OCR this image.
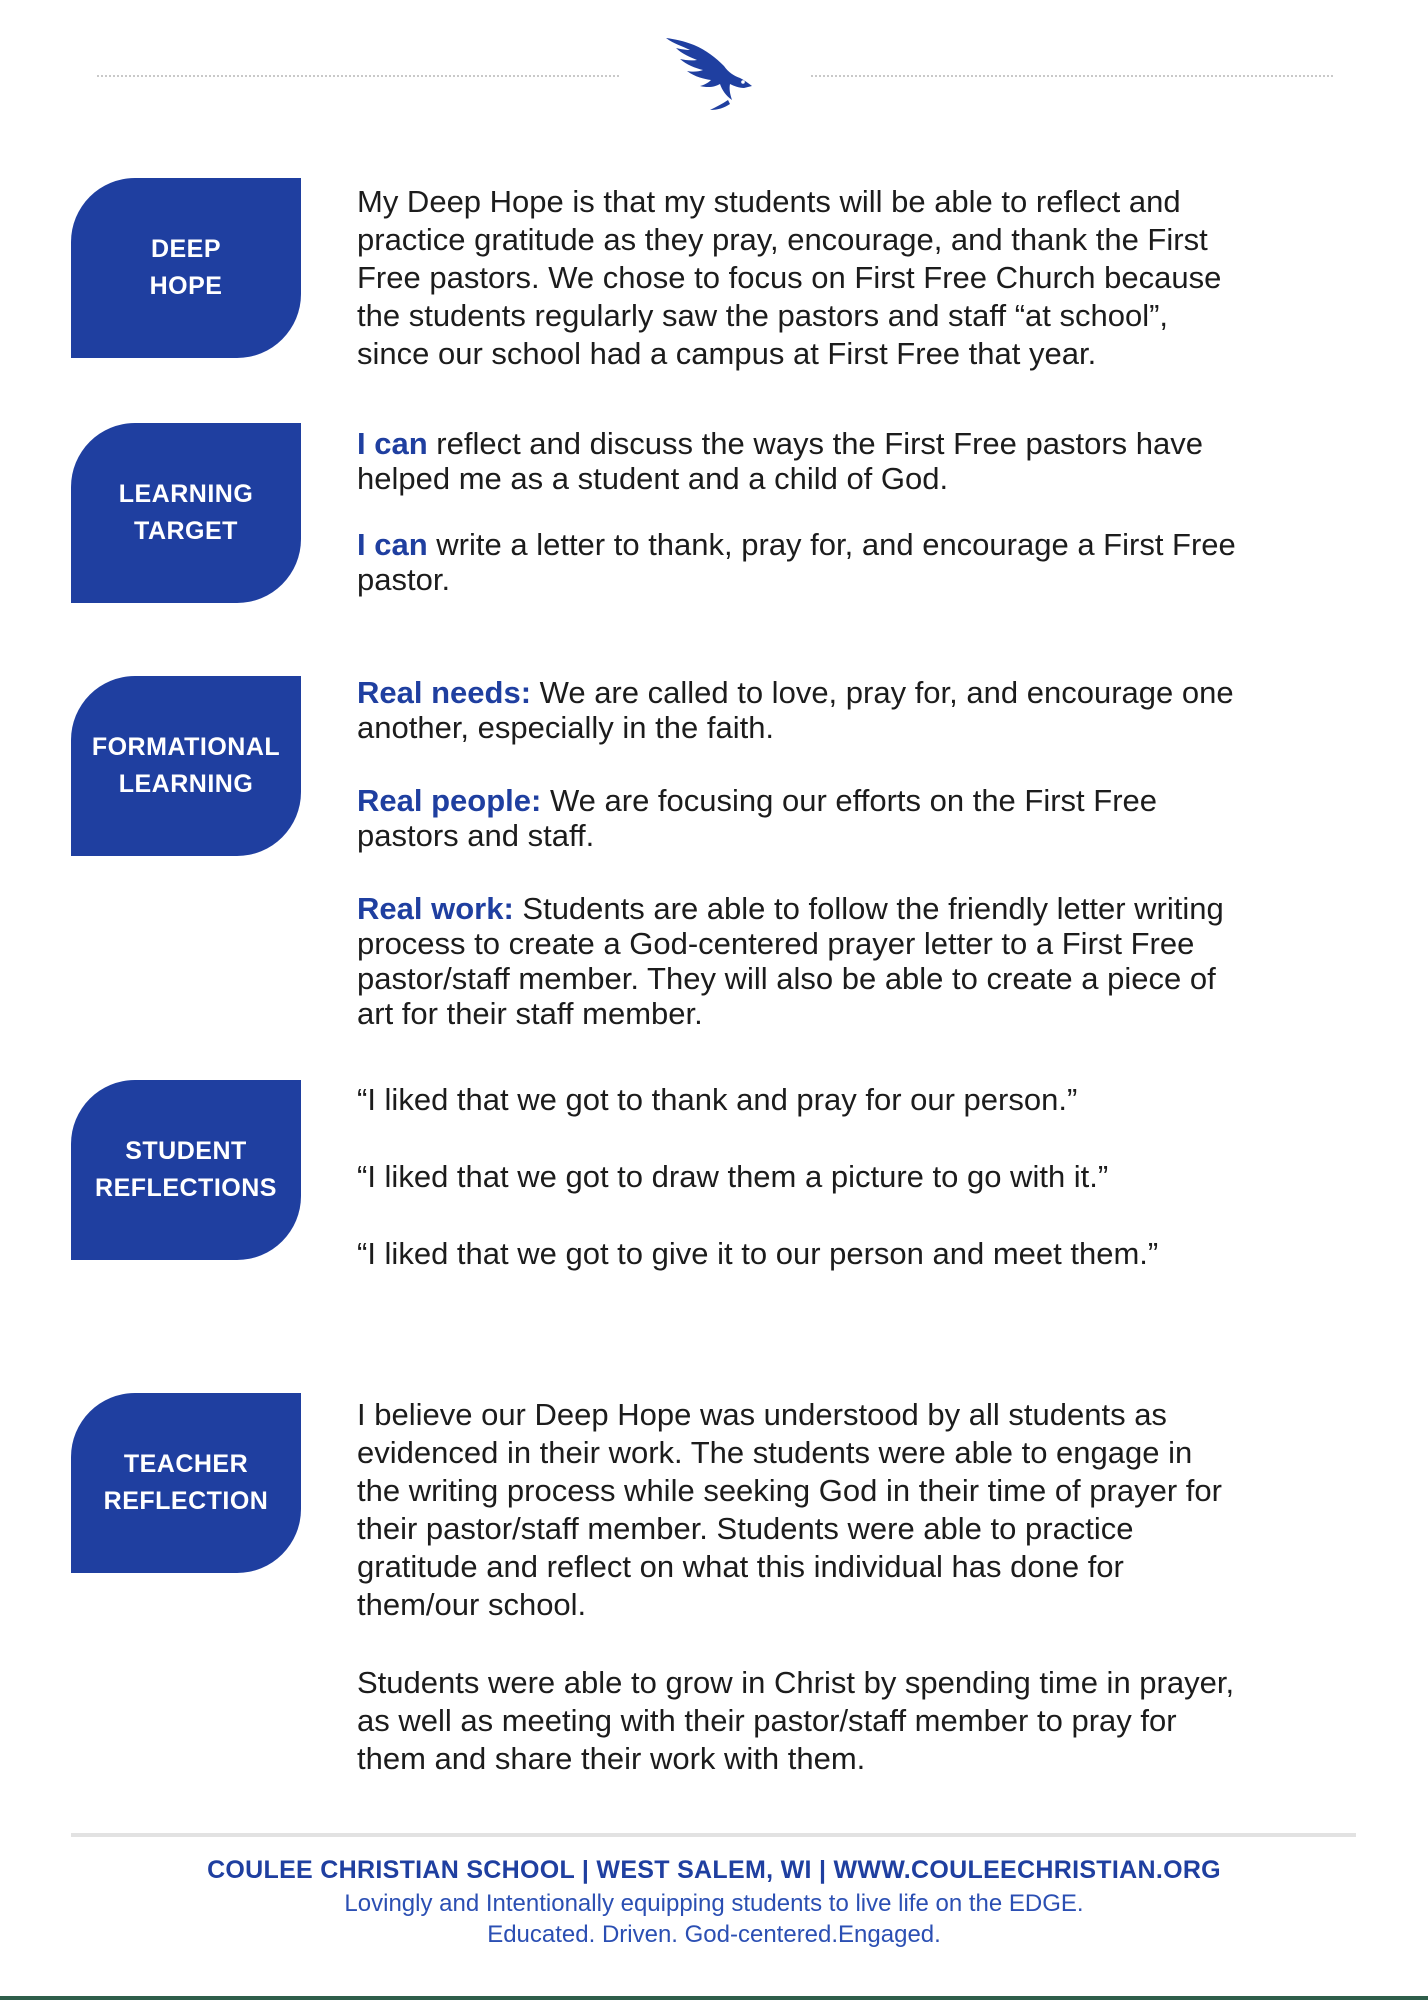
DEEP
HOPE

My Deep Hope is that my students will be able to reflect and

practice gratitude as they pray, encourage, and thank the First

Free pastors. We chose to focus on First Free Church because

the students regularly saw the pastors and staff “at school”,

since our school had a campus at First Free that year.

LEARNING
TARGET

I can reflect and discuss the ways the First Free pastors have

helped me as a student and a child of God.

I can write a letter to thank, pray for, and encourage a First Free

pastor.

FORMATIONAL
LEARNING

Real needs: We are called to love, pray for, and encourage one

another, especially in the faith.

Real people: We are focusing our efforts on the First Free

pastors and staff.

Real work: Students are able to follow the friendly letter writing

process to create a God-centered prayer letter to a First Free

pastor/staff member. They will also be able to create a piece of

art for their staff member.

STUDENT
REFLECTIONS

“I liked that we got to thank and pray for our person.”

“I liked that we got to draw them a picture to go with it.”

“I liked that we got to give it to our person and meet them.”

TEACHER
REFLECTION

I believe our Deep Hope was understood by all students as

evidenced in their work. The students were able to engage in

the writing process while seeking God in their time of prayer for

their pastor/staff member. Students were able to practice

gratitude and reflect on what this individual has done for

them/our school.

Students were able to grow in Christ by spending time in prayer,

as well as meeting with their pastor/staff member to pray for

them and share their work with them.

COULEE CHRISTIAN SCHOOL | WEST SALEM, WI | WWW.COULEECHRISTIAN.ORG
Lovingly and Intentionally equipping students to live life on the EDGE.
Educated. Driven. God-centered.Engaged.
